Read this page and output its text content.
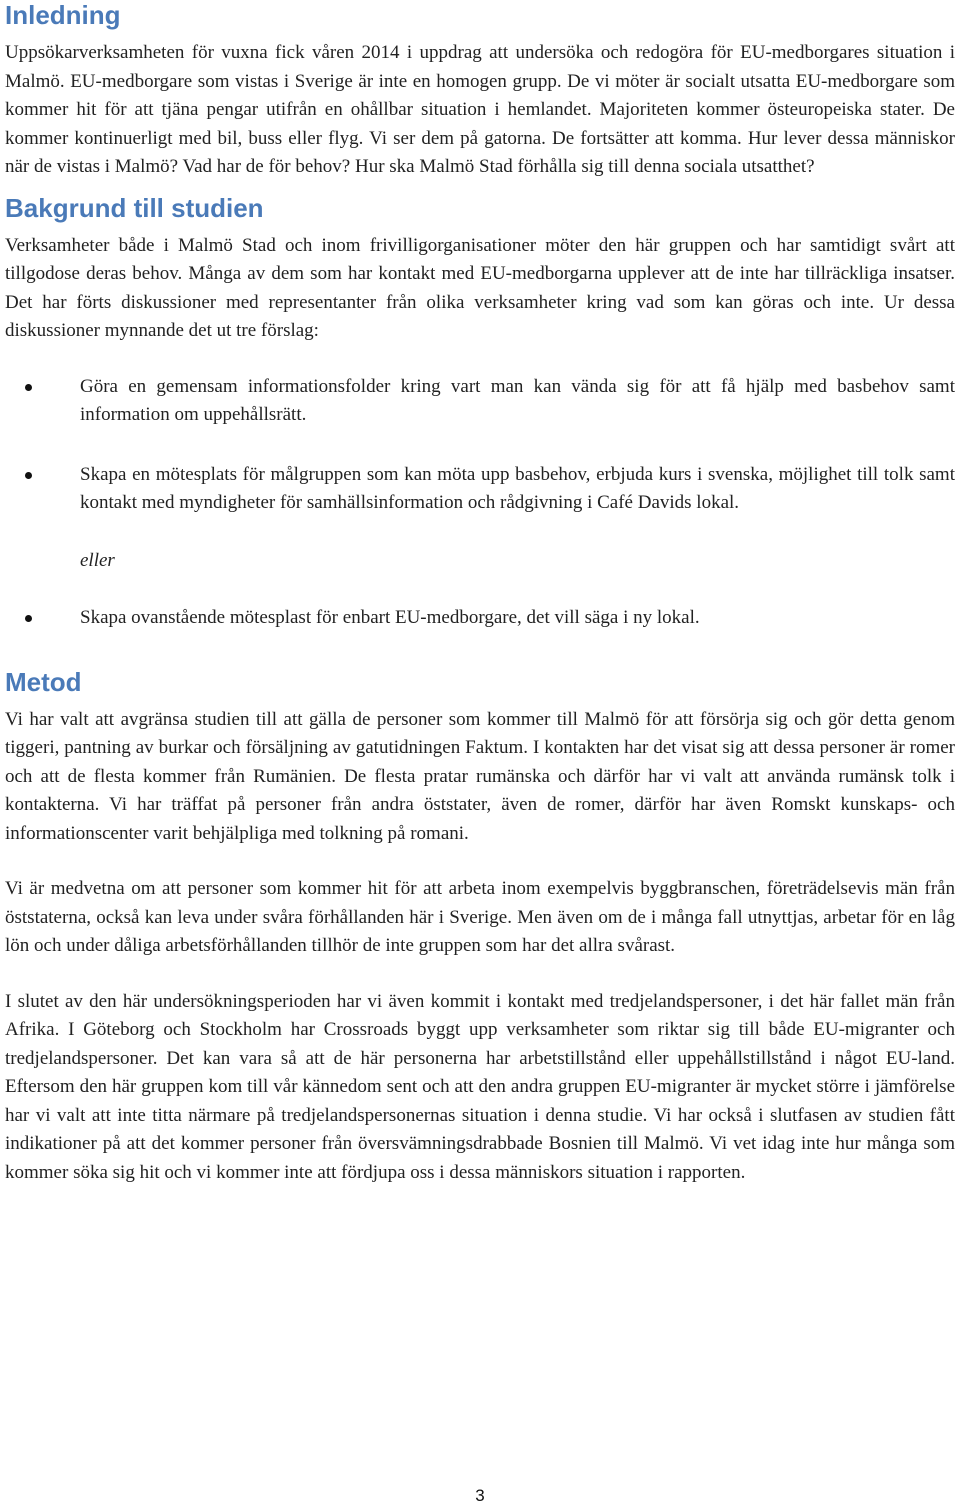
Inledning

Uppsökarverksamheten för vuxna fick våren 2014 i uppdrag att undersöka och redogöra för EU-medborgares situation i Malmö. EU-medborgare som vistas i Sverige är inte en homogen grupp. De vi möter är socialt utsatta EU-medborgare som kommer hit för att tjäna pengar utifrån en ohållbar situation i hemlandet. Majoriteten kommer östeuropeiska stater. De kommer kontinuerligt med bil, buss eller flyg. Vi ser dem på gatorna. De fortsätter att komma. Hur lever dessa människor när de vistas i Malmö? Vad har de för behov? Hur ska Malmö Stad förhålla sig till denna sociala utsatthet?

Bakgrund till studien

Verksamheter både i Malmö Stad och inom frivilligorganisationer möter den här gruppen och har samtidigt svårt att tillgodose deras behov. Många av dem som har kontakt med EU-medborgarna upplever att de inte har tillräckliga insatser. Det har förts diskussioner med representanter från olika verksamheter kring vad som kan göras och inte. Ur dessa diskussioner mynnande det ut tre förslag:

Göra en gemensam informationsfolder kring vart man kan vända sig för att få hjälp med basbehov samt information om uppehållsrätt.
Skapa en mötesplats för målgruppen som kan möta upp basbehov, erbjuda kurs i svenska, möjlighet till tolk samt kontakt med myndigheter för samhällsinformation och rådgivning i Café Davids lokal.
eller
Skapa ovanstående mötesplast för enbart EU-medborgare, det vill säga i ny lokal.
Metod

Vi har valt att avgränsa studien till att gälla de personer som kommer till Malmö för att försörja sig och gör detta genom tiggeri, pantning av burkar och försäljning av gatutidningen Faktum. I kontakten har det visat sig att dessa personer är romer och att de flesta kommer från Rumänien. De flesta pratar rumänska och därför har vi valt att använda rumänsk tolk i kontakterna. Vi har träffat på personer från andra öststater, även de romer, därför har även Romskt kunskaps- och informationscenter varit behjälpliga med tolkning på romani.

Vi är medvetna om att personer som kommer hit för att arbeta inom exempelvis byggbranschen, företrädelsevis män från öststaterna, också kan leva under svåra förhållanden här i Sverige. Men även om de i många fall utnyttjas, arbetar för en låg lön och under dåliga arbetsförhållanden tillhör de inte gruppen som har det allra svårast.

I slutet av den här undersökningsperioden har vi även kommit i kontakt med tredjelandspersoner, i det här fallet män från Afrika. I Göteborg och Stockholm har Crossroads byggt upp verksamheter som riktar sig till både EU-migranter och tredjelandspersoner. Det kan vara så att de här personerna har arbetstillstånd eller uppehållstillstånd i något EU-land. Eftersom den här gruppen kom till vår kännedom sent och att den andra gruppen EU-migranter är mycket större i jämförelse har vi valt att inte titta närmare på tredjelandspersonernas situation i denna studie. Vi har också i slutfasen av studien fått indikationer på att det kommer personer från översvämningsdrabbade Bosnien till Malmö. Vi vet idag inte hur många som kommer söka sig hit och vi kommer inte att fördjupa oss i dessa människors situation i rapporten.

3
